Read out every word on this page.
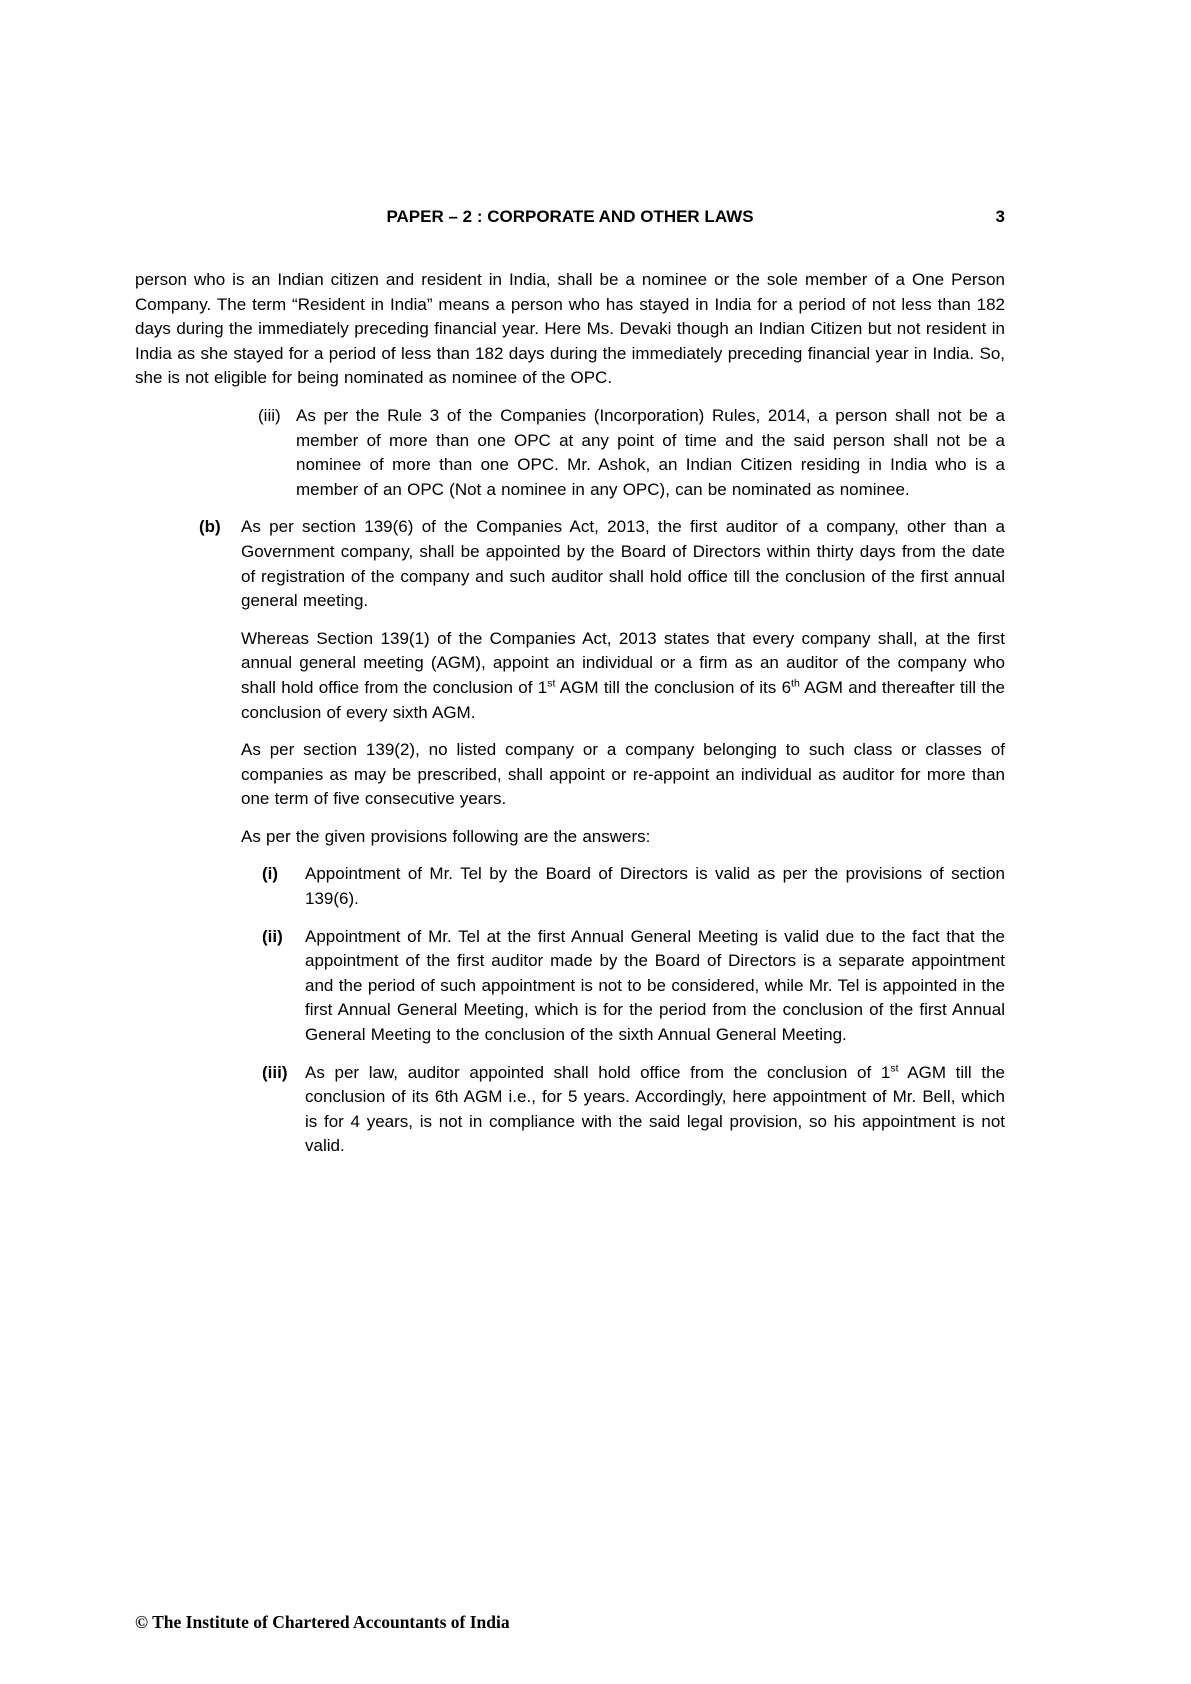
PAPER – 2 : CORPORATE AND OTHER LAWS	3

person who is an Indian citizen and resident in India, shall be a nominee or the sole member of a One Person Company. The term “Resident in India” means a person who has stayed in India for a period of not less than 182 days during the immediately preceding financial year. Here Ms. Devaki though an Indian Citizen but not resident in India as she stayed for a period of less than 182 days during the immediately preceding financial year in India. So, she is not eligible for being nominated as nominee of the OPC.

(iii) As per the Rule 3 of the Companies (Incorporation) Rules, 2014, a person shall not be a member of more than one OPC at any point of time and the said person shall not be a nominee of more than one OPC. Mr. Ashok, an Indian Citizen residing in India who is a member of an OPC (Not a nominee in any OPC), can be nominated as nominee.

(b)	As per section 139(6) of the Companies Act, 2013, the first auditor of a company, other than a Government company, shall be appointed by the Board of Directors within thirty days from the date of registration of the company and such auditor shall hold office till the conclusion of the first annual general meeting.

Whereas Section 139(1) of the Companies Act, 2013 states that every company shall, at the first annual general meeting (AGM), appoint an individual or a firm as an auditor of the company who shall hold office from the conclusion of 1st AGM till the conclusion of its 6th AGM and thereafter till the conclusion of every sixth AGM.

As per section 139(2), no listed company or a company belonging to such class or classes of companies as may be prescribed, shall appoint or re-appoint an individual as auditor for more than one term of five consecutive years.

As per the given provisions following are the answers:

(i)	Appointment of Mr. Tel by the Board of Directors is valid as per the provisions of section 139(6).

(ii)	Appointment of Mr. Tel at the first Annual General Meeting is valid due to the fact that the appointment of the first auditor made by the Board of Directors is a separate appointment and the period of such appointment is not to be considered, while Mr. Tel is appointed in the first Annual General Meeting, which is for the period from the conclusion of the first Annual General Meeting to the conclusion of the sixth Annual General Meeting.

(iii)	As per law, auditor appointed shall hold office from the conclusion of 1st AGM till the conclusion of its 6th AGM i.e., for 5 years. Accordingly, here appointment of Mr. Bell, which is for 4 years, is not in compliance with the said legal provision, so his appointment is not valid.

© The Institute of Chartered Accountants of India
